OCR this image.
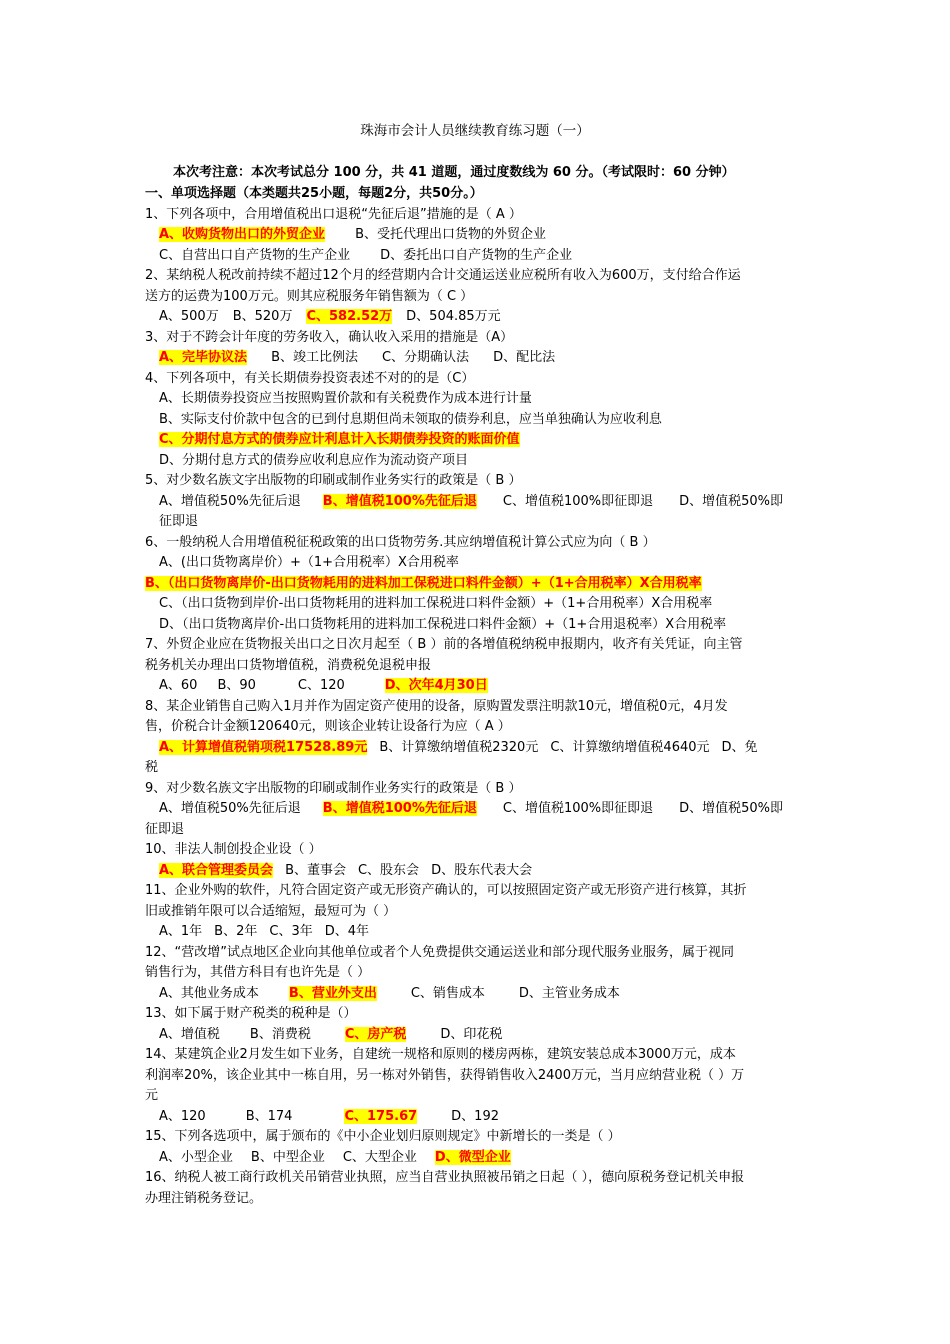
珠海市会计人员继续教育练习题（一）
本次考注意：本次考试总分 100 分，共 41 道题，通过度数线为 60 分。（考试限时：60 分钟）
一、单项选择题（本类题共25小题，每题2分，共50分。）
1、下列各项中，合用增值税出口退税“先征后退”措施的是（ A ）
A、收购货物出口的外贸企业 B、受托代理出口货物的外贸企业
C、自营出口自产货物的生产企业 D、委托出口自产货物的生产企业
2、某纳税人税改前持续不超过12个月的经营期内合计交通运送业应税所有收入为600万，支付给合作运
送方的运费为100万元。则其应税服务年销售额为（ C ）
A、500万 B、520万 C、582.52万 D、504.85万元
3、对于不跨会计年度的劳务收入，确认收入采用的措施是（A）
A、完毕协议法 B、竣工比例法 C、分期确认法 D、配比法
4、下列各项中，有关长期债券投资表述不对的的是（C）
A、长期债券投资应当按照购置价款和有关税费作为成本进行计量
B、实际支付价款中包含的已到付息期但尚未领取的债券利息，应当单独确认为应收利息
C、分期付息方式的债券应计利息计入长期债券投资的账面价值
D、分期付息方式的债券应收利息应作为流动资产项目
5、对少数名族文字出版物的印刷或制作业务实行的政策是（ B ）
A、增值税50%先征后退 B、增值税100%先征后退 C、增值税100%即征即退 D、增值税50%即
征即退
6、一般纳税人合用增值税征税政策的出口货物劳务.其应纳增值税计算公式应为向（ B ）
A、(出口货物离岸价）+（1+合用税率）X合用税率
B、（出口货物离岸价-出口货物耗用的进料加工保税进口料件金额）+（1+合用税率）X合用税率
C、（出口货物到岸价-出口货物耗用的进料加工保税进口料件金额）+（1+合用税率）X合用税率
D、（出口货物离岸价-出口货物耗用的进料加工保税进口料件金额）+（1+合用退税率）X合用税率
7、外贸企业应在货物报关出口之日次月起至（ B ）前的各增值税纳税申报期内，收齐有关凭证，向主管
税务机关办理出口货物增值税，消费税免退税申报
A、60 B、90	C、120	D、次年4月30日
8、某企业销售自己购入1月并作为固定资产使用的设备，原购置发票注明款10元，增值税0元，4月发
售，价税合计金额120640元，则该企业转让设备行为应（ A ）
A、计算增值税销项税17528.89元 B、计算缴纳增值税2320元 C、计算缴纳增值税4640元 D、免
税
9、对少数名族文字出版物的印刷或制作业务实行的政策是（ B ）
A、增值税50%先征后退 B、增值税100%先征后退 C、增值税100%即征即退 D、增值税50%即
征即退
10、非法人制创投企业设（ ）
A、联合管理委员会 B、董事会 C、股东会 D、股东代表大会
11、企业外购的软件，凡符合固定资产或无形资产确认的，可以按照固定资产或无形资产进行核算，其折
旧或推销年限可以合适缩短，最短可为（ ）
A、1年 B、2年 C、3年 D、4年
12、“营改增”试点地区企业向其他单位或者个人免费提供交通运送业和部分现代服务业服务，属于视同
销售行为，其借方科目有也许先是（ ）
A、其他业务成本 B、营业外支出	C、销售成本	D、主管业务成本
13、如下属于财产税类的税种是（）
A、增值税 B、消费税	C、房产税	D、印花税
14、某建筑企业2月发生如下业务，自建统一规格和原则的楼房两栋，建筑安装总成本3000万元，成本
利润率20%，该企业其中一栋自用，另一栋对外销售，获得销售收入2400万元，当月应纳营业税（ ）万
元
A、120	B、174	C、175.67	D、192
15、下列各选项中，属于颁布的《中小企业划归原则规定》中新增长的一类是（ ）
A、小型企业 B、中型企业 C、大型企业 D、微型企业
16、纳税人被工商行政机关吊销营业执照，应当自营业执照被吊销之日起（ ），德向原税务登记机关申报
办理注销税务登记。
